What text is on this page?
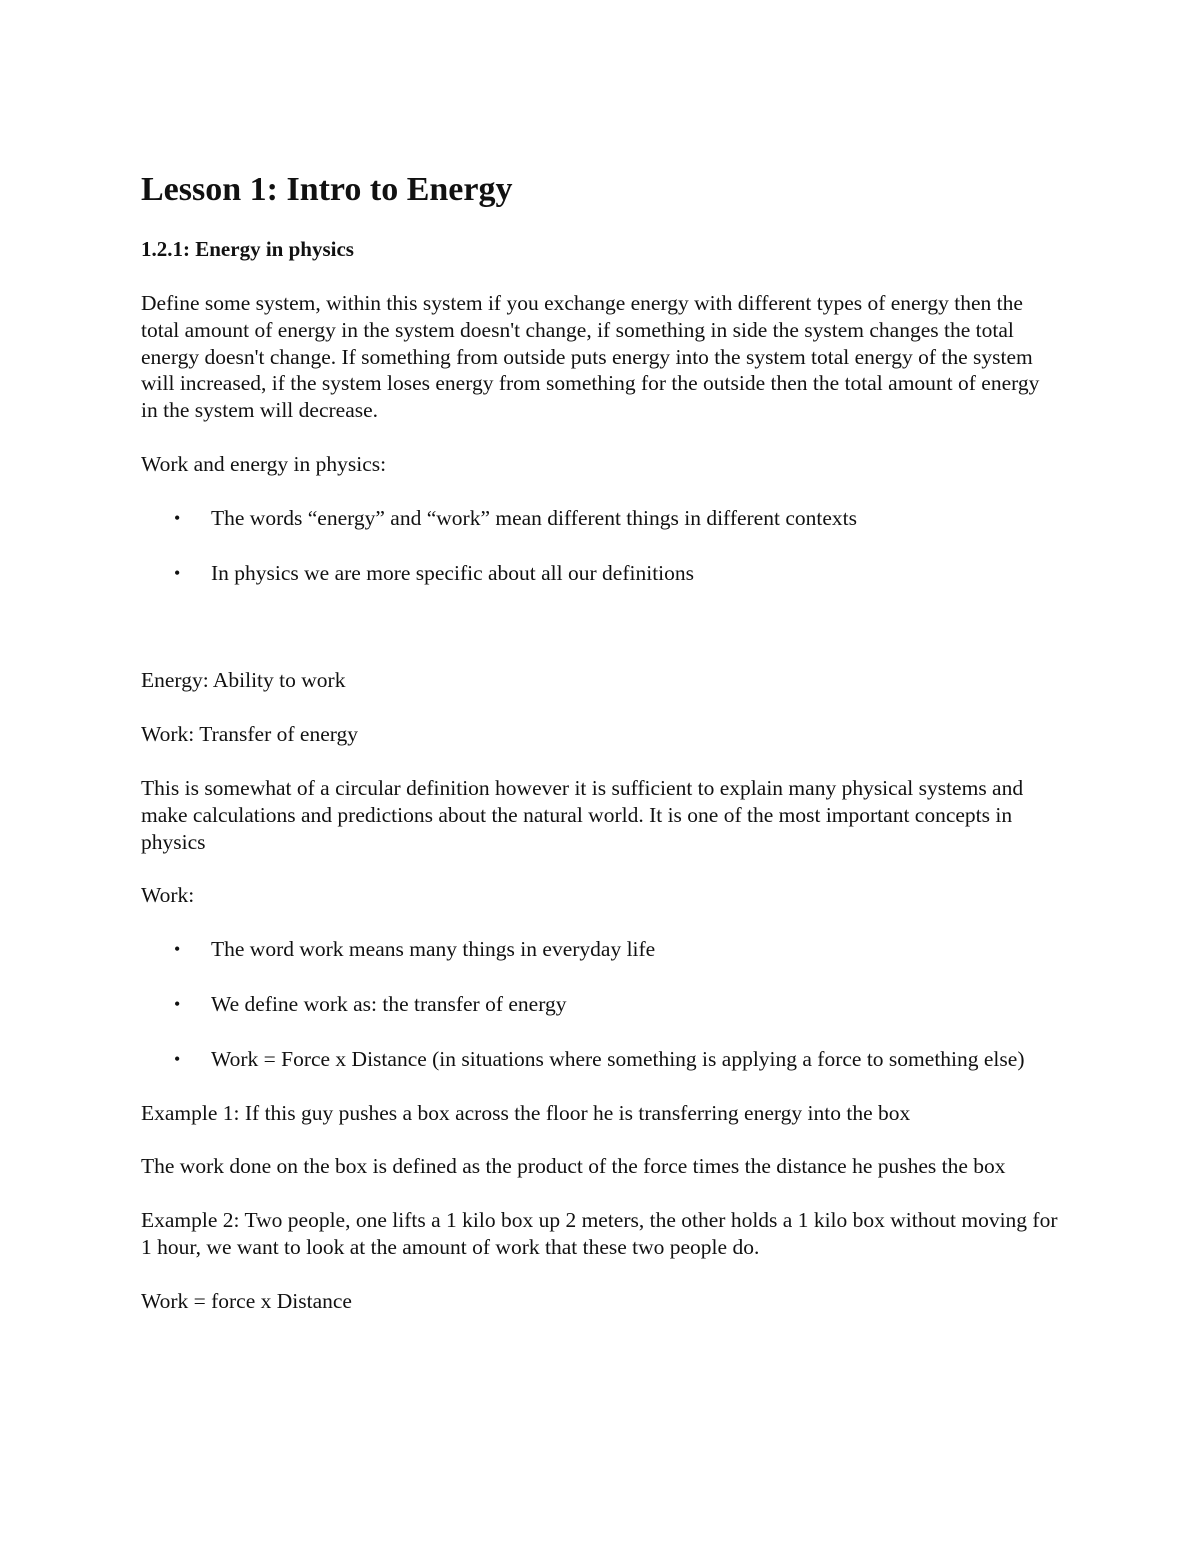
Lesson 1: Intro to Energy
1.2.1: Energy in physics

Define some system, within this system if you exchange energy with different types of energy then the total amount of energy in the system doesn't change, if something in side the system changes the total energy doesn't change. If something from outside puts energy into the system total energy of the system will increased, if the system loses energy from something for the outside then the total amount of energy in the system will decrease.

Work and energy in physics:

• The words “energy” and “work” mean different things in different contexts
• In physics we are more specific about all our definitions

Energy: Ability to work

Work: Transfer of energy

This is somewhat of a circular definition however it is sufficient to explain many physical systems and make calculations and predictions about the natural world. It is one of the most important concepts in physics

Work:

• The word work means many things in everyday life
• We define work as: the transfer of energy
• Work = Force x Distance (in situations where something is applying a force to something else)

Example 1: If this guy pushes a box across the floor he is transferring energy into the box

The work done on the box is defined as the product of the force times the distance he pushes the box

Example 2: Two people, one lifts a 1 kilo box up 2 meters, the other holds a 1 kilo box without moving for 1 hour, we want to look at the amount of work that these two people do.

Work = force x Distance
